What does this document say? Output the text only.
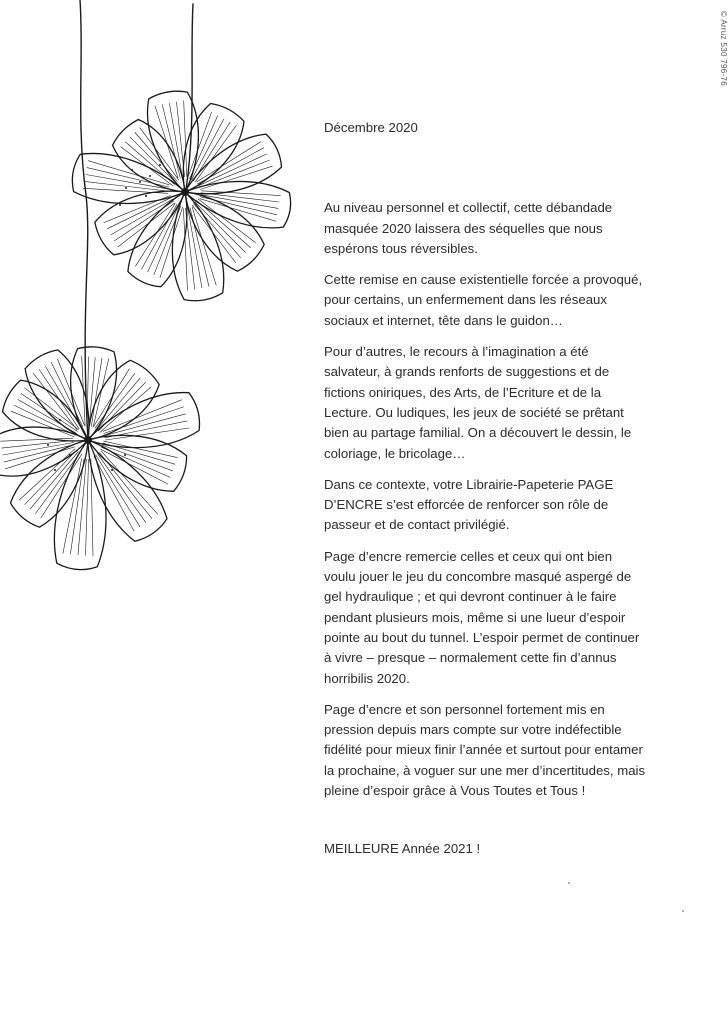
© Arruz 530 796-76

Décembre 2020

Au niveau personnel et collectif, cette débandade masquée 2020 laissera des séquelles que nous espérons tous réversibles.

Cette remise en cause existentielle forcée a provoqué, pour certains, un enfermement dans les réseaux sociaux et internet, tête dans le guidon…

Pour d’autres, le recours à l’imagination a été salvateur, à grands renforts de suggestions et de fictions oniriques, des Arts, de l’Ecriture et de la Lecture. Ou ludiques, les jeux de société se prêtant bien au partage familial. On a découvert le dessin, le coloriage, le bricolage…

Dans ce contexte, votre Librairie-Papeterie PAGE D’ENCRE s’est efforcée de renforcer son rôle de passeur et de contact privilégié.

Page d’encre remercie celles et ceux qui ont bien voulu jouer le jeu du concombre masqué aspergé de gel hydraulique ; et qui devront continuer à le faire pendant plusieurs mois, même si une lueur d’espoir pointe au bout du tunnel. L’espoir permet de continuer à vivre – presque – normalement cette fin d’annus horribilis 2020.

Page d’encre et son personnel fortement mis en pression depuis mars compte sur votre indéfectible fidélité pour mieux finir l’année et surtout pour entamer la prochaine, à voguer sur une mer d’incertitudes, mais pleine d’espoir grâce à Vous Toutes et Tous !

MEILLEURE Année 2021 !
